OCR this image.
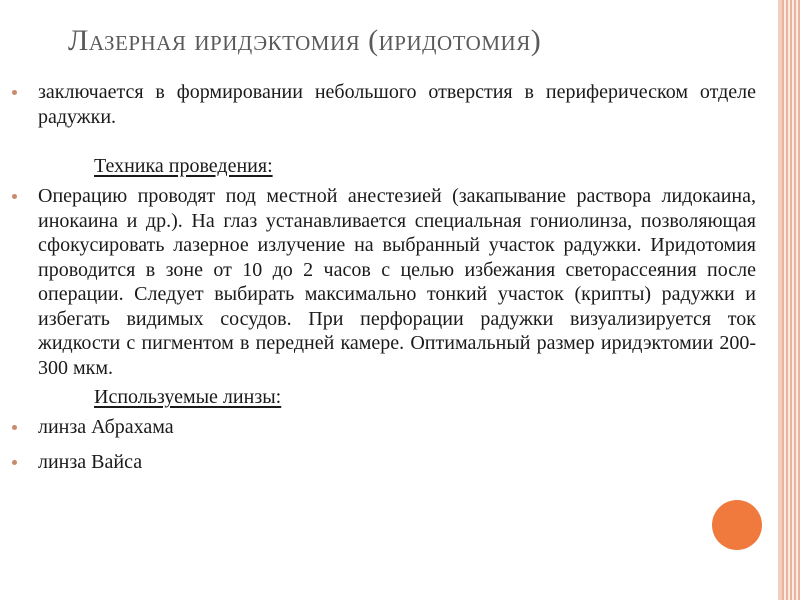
Лазерная иридэктомия (иридотомия)
заключается в формировании небольшого отверстия в периферическом отделе радужки.
Техника проведения:
Операцию проводят под местной анестезией (закапывание раствора лидокаина, инокаина и др.). На глаз устанавливается специальная гониолинза, позволяющая сфокусировать лазерное излучение на выбранный участок радужки. Иридотомия проводится в зоне от 10 до 2 часов с целью избежания светорассеяния после операции. Следует выбирать максимально тонкий участок (крипты) радужки и избегать видимых сосудов. При перфорации радужки визуализируется ток жидкости с пигментом в передней камере. Оптимальный размер иридэктомии 200-300 мкм.
Используемые линзы:
линза Абрахама
линза Вайса
